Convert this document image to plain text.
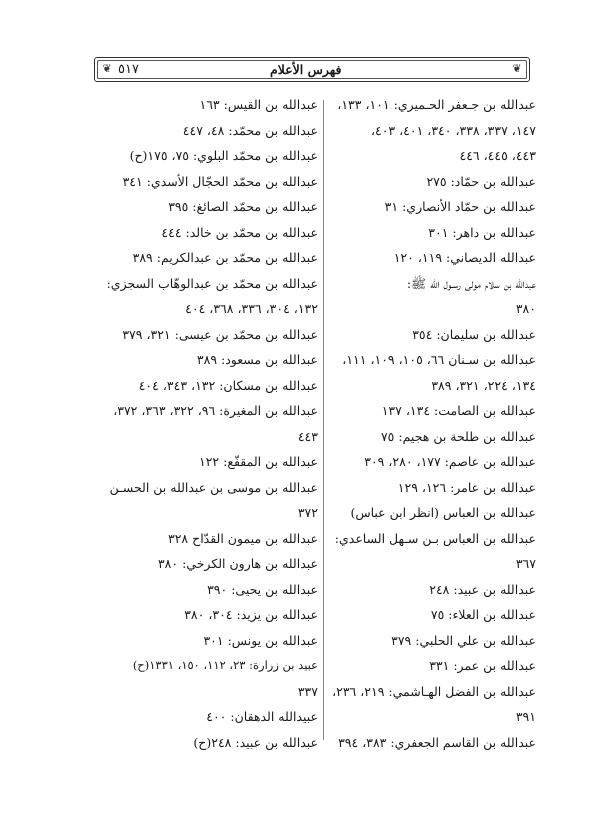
❦	❦
٥١٧	فهرس الأعلام
عبدالله بن جـعفر الحـميري: ١٠١، ١٣٣،
١٤٧، ٣٣٧، ٣٣٨، ٣٤٠، ٤٠١، ٤٠٣،
٤٤٣، ٤٤٥، ٤٤٦
عبدالله بن حمّاد: ٢٧٥
عبدالله بن حمّاد الأنصاري: ٣١
عبدالله بن داهر: ٣٠١
عبدالله الديصاني: ١١٩، ١٢٠
عبدالله بن سلام مولى رسـول الله ﷺ:
٣٨٠
عبدالله بن سليمان: ٣٥٤
عبدالله بن سـنان ٦٦، ١٠٥، ١٠٩، ١١١،
١٣٤، ٢٢٤، ٣٢١، ٣٨٩
عبدالله بن الصامت: ١٣٤، ١٣٧
عبدالله بن طلحة بن هجيم: ٧٥
عبدالله بن عاصم: ١٧٧، ٢٨٠، ٣٠٩
عبدالله بن عامر: ١٢٦، ١٢٩
عبدالله بن العباس (انظر ابن عباس)
عبدالله بن العباس بـن سـهل الساعدي:
٣٦٧
عبدالله بن عبيد: ٢٤٨
عبدالله بن العلاء: ٧٥
عبدالله بن علي الحلبي: ٣٧٩
عبدالله بن عمر: ٣٣١
عبدالله بن الفضل الهـاشمي: ٢١٩، ٢٣٦،
٣٩١
عبدالله بن القاسم الجعفري: ٣٨٣، ٣٩٤
عبدالله بن القيس: ١٦٣
عبدالله بن محمّد: ٤٨، ٤٤٧
عبدالله بن محمّد البلوي: ٧٥، ١٧٥(ح)
عبدالله بن محمّد الحجّال الأسدي: ٣٤١
عبدالله بن محمّد الصائغ: ٣٩٥
عبدالله بن محمّد بن خالد: ٤٤٤
عبدالله بن محمّد بن عبدالكريم: ٣٨٩
عبدالله بن محمّد بن عبدالوهّاب السجزي:
١٣٢، ٣٠٤، ٣٣٦، ٣٦٨، ٤٠٤
عبدالله بن محمّد بن عيسى: ٣٢١، ٣٧٩
عبدالله بن مسعود: ٣٨٩
عبدالله بن مسكان: ١٣٢، ٣٤٣، ٤٠٤
عبدالله بن المغيرة: ٩٦، ٣٢٢، ٣٦٣، ٣٧٢،
٤٤٣
عبدالله بن المقفّع: ١٢٢
عبدالله بن موسى بن عبدالله بن الحسـن
٣٧٢
عبدالله بن ميمون القدّاح ٣٢٨
عبدالله بن هارون الكرخي: ٣٨٠
عبدالله بن يحيى: ٣٩٠
عبدالله بن يزيد: ٣٠٤، ٣٨٠
عبدالله بن يونس: ٣٠١
عبيد بن زرارة: ٢٣، ١١٢، ١٥٠، ١٣٣١(ح)
٣٣٧
عبيدالله الدهقان: ٤٠٠
عبدالله بن عبيد: ٢٤٨(ح)
